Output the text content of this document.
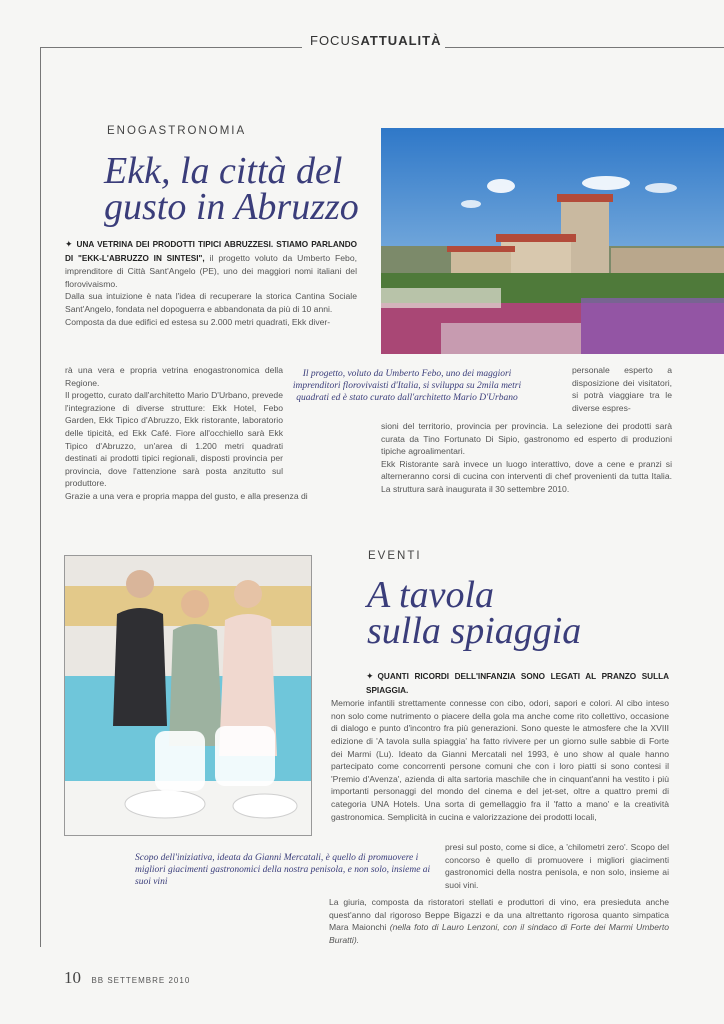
FOCUSATTUALITÀ
ENOGASTRONOMIA
Ekk, la città del
gusto in Abruzzo

✦ UNA VETRINA DEI PRODOTTI TIPICI ABRUZZESI. STIAMO PARLANDO DI "EKK-L'ABRUZZO IN SINTESI", il progetto voluto da Umberto Febo, imprenditore di Città Sant'Angelo (PE), uno dei maggiori nomi italiani del florovivaismo.

Dalla sua intuizione è nata l'idea di recuperare la storica Cantina Sociale Sant'Angelo, fondata nel dopoguerra e abbandonata da più di 10 anni.

Composta da due edifici ed estesa su 2.000 metri quadrati, Ekk diver-

rà una vera e propria vetrina enogastronomica della Regione.

Il progetto, curato dall'architetto Mario D'Urbano, prevede l'integrazione di diverse strutture: Ekk Hotel, Febo Garden, Ekk Tipico d'Abruzzo, Ekk ristorante, laboratorio delle tipicità, ed Ekk Café. Fiore all'occhiello sarà Ekk Tipico d'Abruzzo, un'area di 1.200 metri quadrati destinati ai prodotti tipici regionali, disposti provincia per provincia, dove l'attenzione sarà posta anzitutto sul produttore.

Grazie a una vera e propria mappa del gusto, e alla presenza di

Il progetto, voluto da Umberto Febo, uno dei maggiori imprenditori florovivaisti d'Italia, si sviluppa su 2mila metri quadrati ed è stato curato dall'architetto Mario D'Urbano
personale esperto a disposizione dei visitatori, si potrà viaggiare tra le diverse espres-

sioni del territorio, provincia per provincia. La selezione dei prodotti sarà curata da Tino Fortunato Di Sipio, gastronomo ed esperto di produzioni tipiche agroalimentari.

Ekk Ristorante sarà invece un luogo interattivo, dove a cene e pranzi si alterneranno corsi di cucina con interventi di chef provenienti da tutta Italia. La struttura sarà inaugurata il 30 settembre 2010.

EVENTI
A tavola
sulla spiaggia

✦ QUANTI RICORDI DELL'INFANZIA SONO LEGATI AL PRANZO SULLA SPIAGGIA.

Memorie infantili strettamente connesse con cibo, odori, sapori e colori. Al cibo inteso non solo come nutrimento o piacere della gola ma anche come rito collettivo, occasione di dialogo e punto d'incontro fra più generazioni. Sono queste le atmosfere che la XVIII edizione di 'A tavola sulla spiaggia' ha fatto rivivere per un giorno sulle sabbie di Forte dei Marmi (Lu). Ideato da Gianni Mercatali nel 1993, è uno show al quale hanno partecipato come concorrenti persone comuni che con i loro piatti si sono contesi il 'Premio d'Avenza', azienda di alta sartoria maschile che in cinquant'anni ha vestito i più importanti personaggi del mondo del cinema e del jet-set, oltre a quattro premi di categoria UNA Hotels. Una sorta di gemellaggio fra il 'fatto a mano' e la creatività gastronomica. Semplicità in cucina e valorizzazione dei prodotti locali,

Scopo dell'iniziativa, ideata da Gianni Mercatali, è quello di promuovere i migliori giacimenti gastronomici della nostra penisola, e non solo, insieme ai suoi vini
presi sul posto, come si dice, a 'chilometri zero'. Scopo del concorso è quello di promuovere i migliori giacimenti gastronomici della nostra penisola, e non solo, insieme ai suoi vini.

La giuria, composta da ristoratori stellati e produttori di vino, era presieduta anche quest'anno dal rigoroso Beppe Bigazzi e da una altrettanto rigorosa quanto simpatica Mara Maionchi (nella foto di Lauro Lenzoni, con il sindaco di Forte dei Marmi Umberto Buratti).

10 BB SETTEMBRE 2010
